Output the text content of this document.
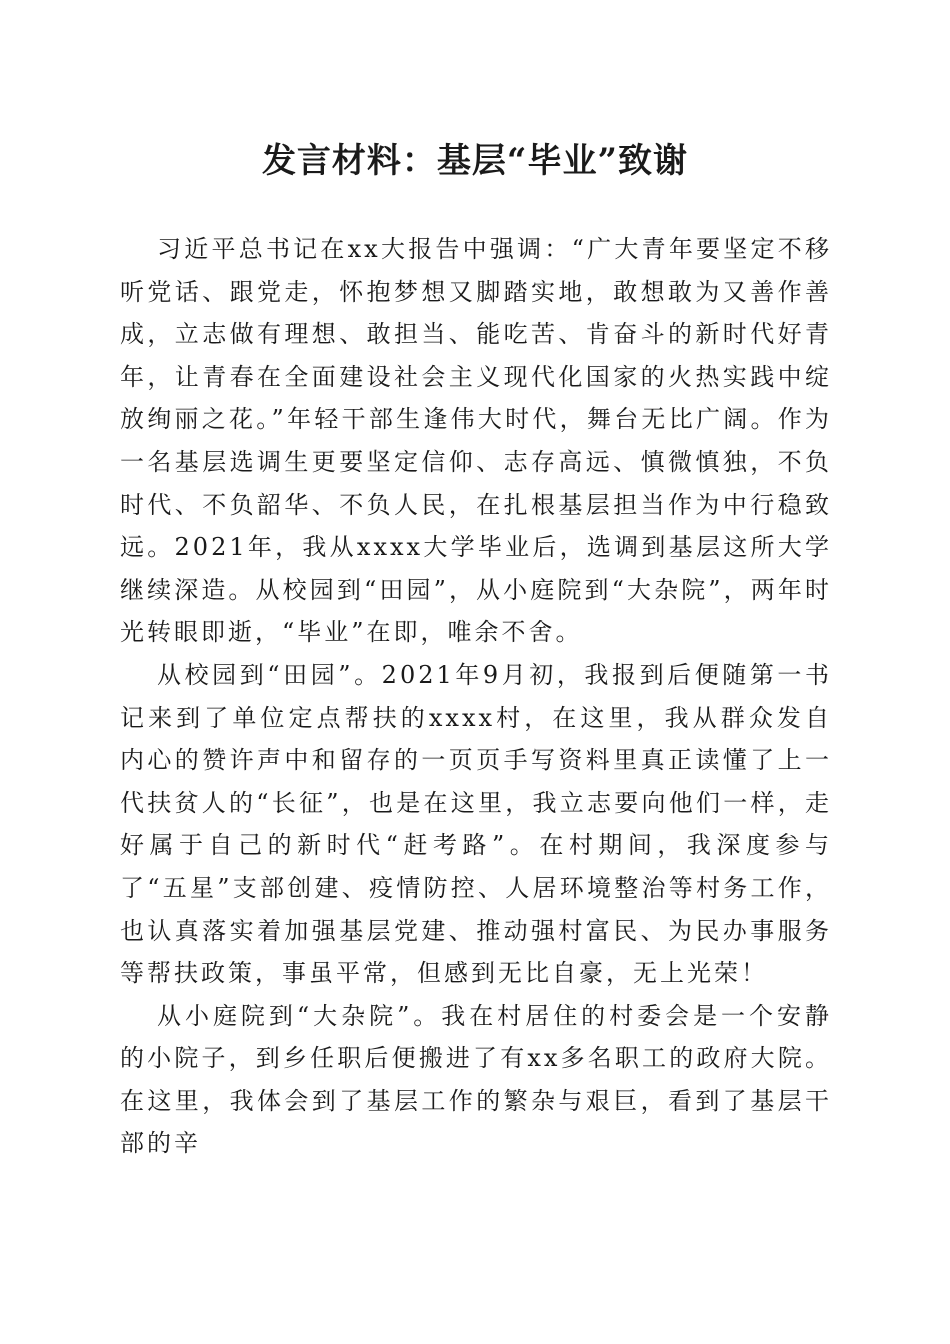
发言材料：基层“毕业”致谢

习近平总书记在xx大报告中强调：“广大青年要坚定不移听党话、跟党走，怀抱梦想又脚踏实地，敢想敢为又善作善成，立志做有理想、敢担当、能吃苦、肯奋斗的新时代好青年，让青春在全面建设社会主义现代化国家的火热实践中绽放绚丽之花。”年轻干部生逢伟大时代，舞台无比广阔。作为一名基层选调生更要坚定信仰、志存高远、慎微慎独，不负时代、不负韶华、不负人民，在扎根基层担当作为中行稳致远。2021年，我从xxxx大学毕业后，选调到基层这所大学继续深造。从校园到“田园”，从小庭院到“大杂院”，两年时光转眼即逝，“毕业”在即，唯余不舍。

从校园到“田园”。2021年9月初，我报到后便随第一书记来到了单位定点帮扶的xxxx村，在这里，我从群众发自内心的赞许声中和留存的一页页手写资料里真正读懂了上一代扶贫人的“长征”，也是在这里，我立志要向他们一样，走好属于自己的新时代“赶考路”。在村期间，我深度参与了“五星”支部创建、疫情防控、人居环境整治等村务工作，也认真落实着加强基层党建、推动强村富民、为民办事服务等帮扶政策，事虽平常，但感到无比自豪，无上光荣！

从小庭院到“大杂院”。我在村居住的村委会是一个安静的小院子，到乡任职后便搬进了有xx多名职工的政府大院。在这里，我体会到了基层工作的繁杂与艰巨，看到了基层干部的辛
